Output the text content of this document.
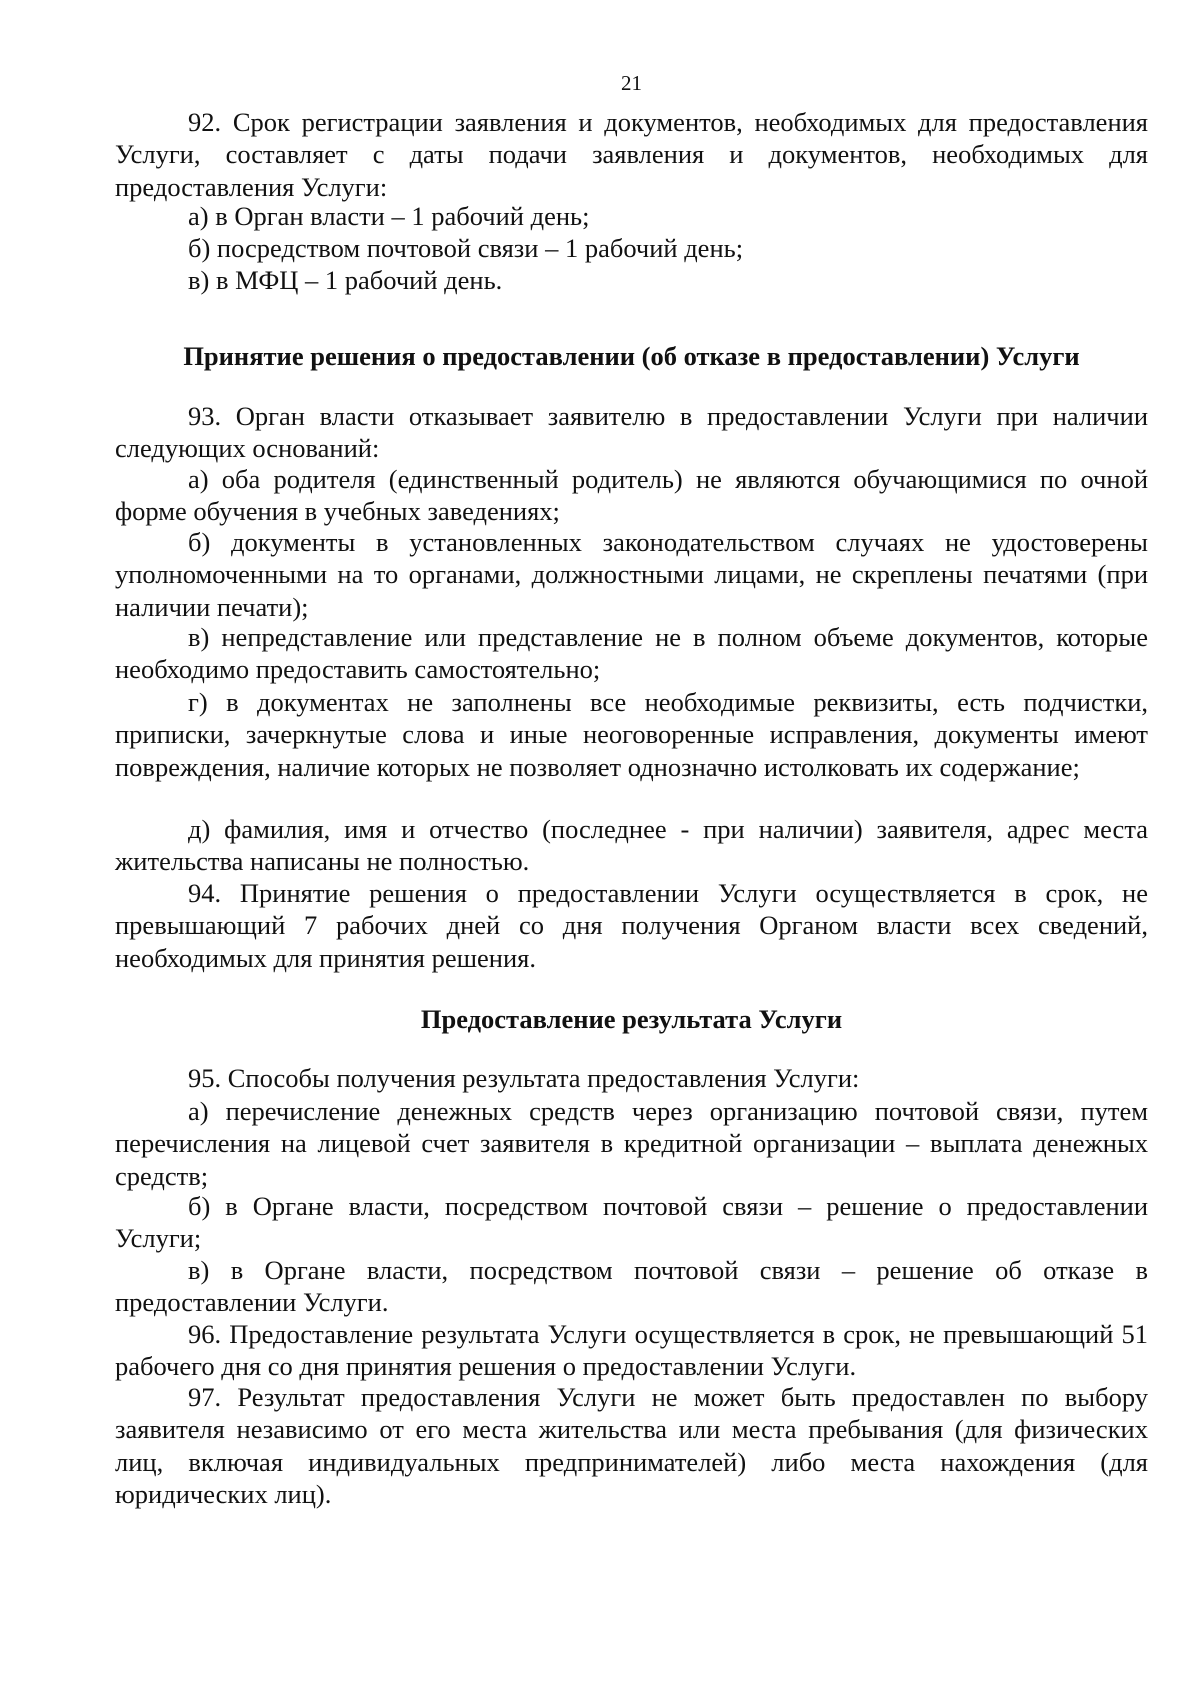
21

92. Срок регистрации заявления и документов, необходимых для предоставления Услуги, составляет с даты подачи заявления и документов, необходимых для предоставления Услуги:

а) в Орган власти – 1 рабочий день;

б) посредством почтовой связи – 1 рабочий день;

в) в МФЦ – 1 рабочий день.

Принятие решения о предоставлении (об отказе в предоставлении) Услуги

93. Орган власти отказывает заявителю в предоставлении Услуги при наличии следующих оснований:

а) оба родителя (единственный родитель) не являются обучающимися по очной форме обучения в учебных заведениях;

б) документы в установленных законодательством случаях не удостоверены уполномоченными на то органами, должностными лицами, не скреплены печатями (при наличии печати);

в) непредставление или представление не в полном объеме документов, которые необходимо предоставить самостоятельно;

г) в документах не заполнены все необходимые реквизиты, есть подчистки, приписки, зачеркнутые слова и иные неоговоренные исправления, документы имеют повреждения, наличие которых не позволяет однозначно истолковать их содержание;

д) фамилия, имя и отчество (последнее - при наличии) заявителя, адрес места жительства написаны не полностью.

94. Принятие решения о предоставлении Услуги осуществляется в срок, не превышающий 7 рабочих дней со дня получения Органом власти всех сведений, необходимых для принятия решения.

Предоставление результата Услуги

95. Способы получения результата предоставления Услуги:

а) перечисление денежных средств через организацию почтовой связи, путем перечисления на лицевой счет заявителя в кредитной организации – выплата денежных средств;

б) в Органе власти, посредством почтовой связи – решение о предоставлении Услуги;

в) в Органе власти, посредством почтовой связи – решение об отказе в предоставлении Услуги.

96. Предоставление результата Услуги осуществляется в срок, не превышающий 51 рабочего дня со дня принятия решения о предоставлении Услуги.

97. Результат предоставления Услуги не может быть предоставлен по выбору заявителя независимо от его места жительства или места пребывания (для физических лиц, включая индивидуальных предпринимателей) либо места нахождения (для юридических лиц).
